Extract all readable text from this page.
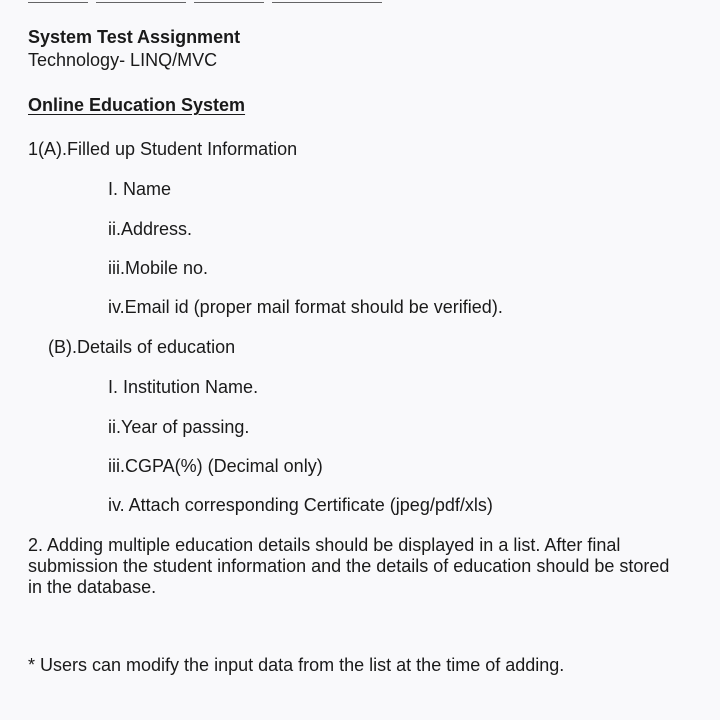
System Test Assignment
Technology- LINQ/MVC
Online Education System
1(A).Filled up Student Information
I. Name
ii.Address.
iii.Mobile no.
iv.Email id (proper mail format should be verified).
(B).Details of education
I. Institution Name.
ii.Year of passing.
iii.CGPA(%) (Decimal only)
iv. Attach corresponding Certificate (jpeg/pdf/xls)
2. Adding multiple education details should be displayed in a list. After final submission the student information and the details of education should be stored in the database.
* Users can modify the input data from the list at the time of adding.
